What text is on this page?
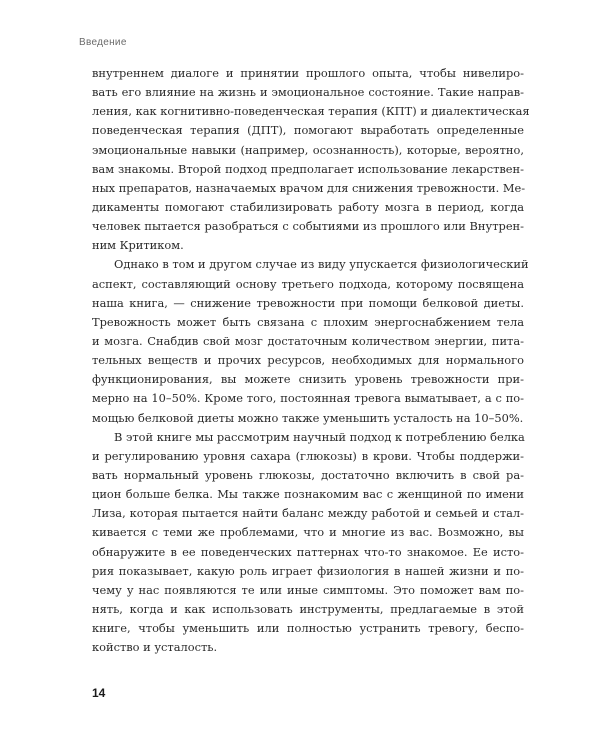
Введение

внутреннем диалоге и принятии прошлого опыта, чтобы нивелиро-
вать его влияние на жизнь и эмоциональное состояние. Такие направ-
ления, как когнитивно-поведенческая терапия (КПТ) и диалектическая
поведенческая терапия (ДПТ), помогают выработать определенные
эмоциональные навыки (например, осознанность), которые, вероятно,
вам знакомы. Второй подход предполагает использование лекарствен-
ных препаратов, назначаемых врачом для снижения тревожности. Ме-
дикаменты помогают стабилизировать работу мозга в период, когда
человек пытается разобраться с событиями из прошлого или Внутрен-
ним Критиком.

Однако в том и другом случае из виду упускается физиологический
аспект, составляющий основу третьего подхода, которому посвящена
наша книга, — снижение тревожности при помощи белковой диеты.
Тревожность может быть связана с плохим энергоснабжением тела
и мозга. Снабдив свой мозг достаточным количеством энергии, пита-
тельных веществ и прочих ресурсов, необходимых для нормального
функционирования, вы можете снизить уровень тревожности при-
мерно на 10–50%. Кроме того, постоянная тревога выматывает, а с по-
мощью белковой диеты можно также уменьшить усталость на 10–50%.

В этой книге мы рассмотрим научный подход к потреблению белка
и регулированию уровня сахара (глюкозы) в крови. Чтобы поддержи-
вать нормальный уровень глюкозы, достаточно включить в свой ра-
цион больше белка. Мы также познакомим вас с женщиной по имени
Лиза, которая пытается найти баланс между работой и семьей и стал-
кивается с теми же проблемами, что и многие из вас. Возможно, вы
обнаружите в ее поведенческих паттернах что-то знакомое. Ее исто-
рия показывает, какую роль играет физиология в нашей жизни и по-
чему у нас появляются те или иные симптомы. Это поможет вам по-
нять, когда и как использовать инструменты, предлагаемые в этой
книге, чтобы уменьшить или полностью устранить тревогу, беспо-
койство и усталость.

14
